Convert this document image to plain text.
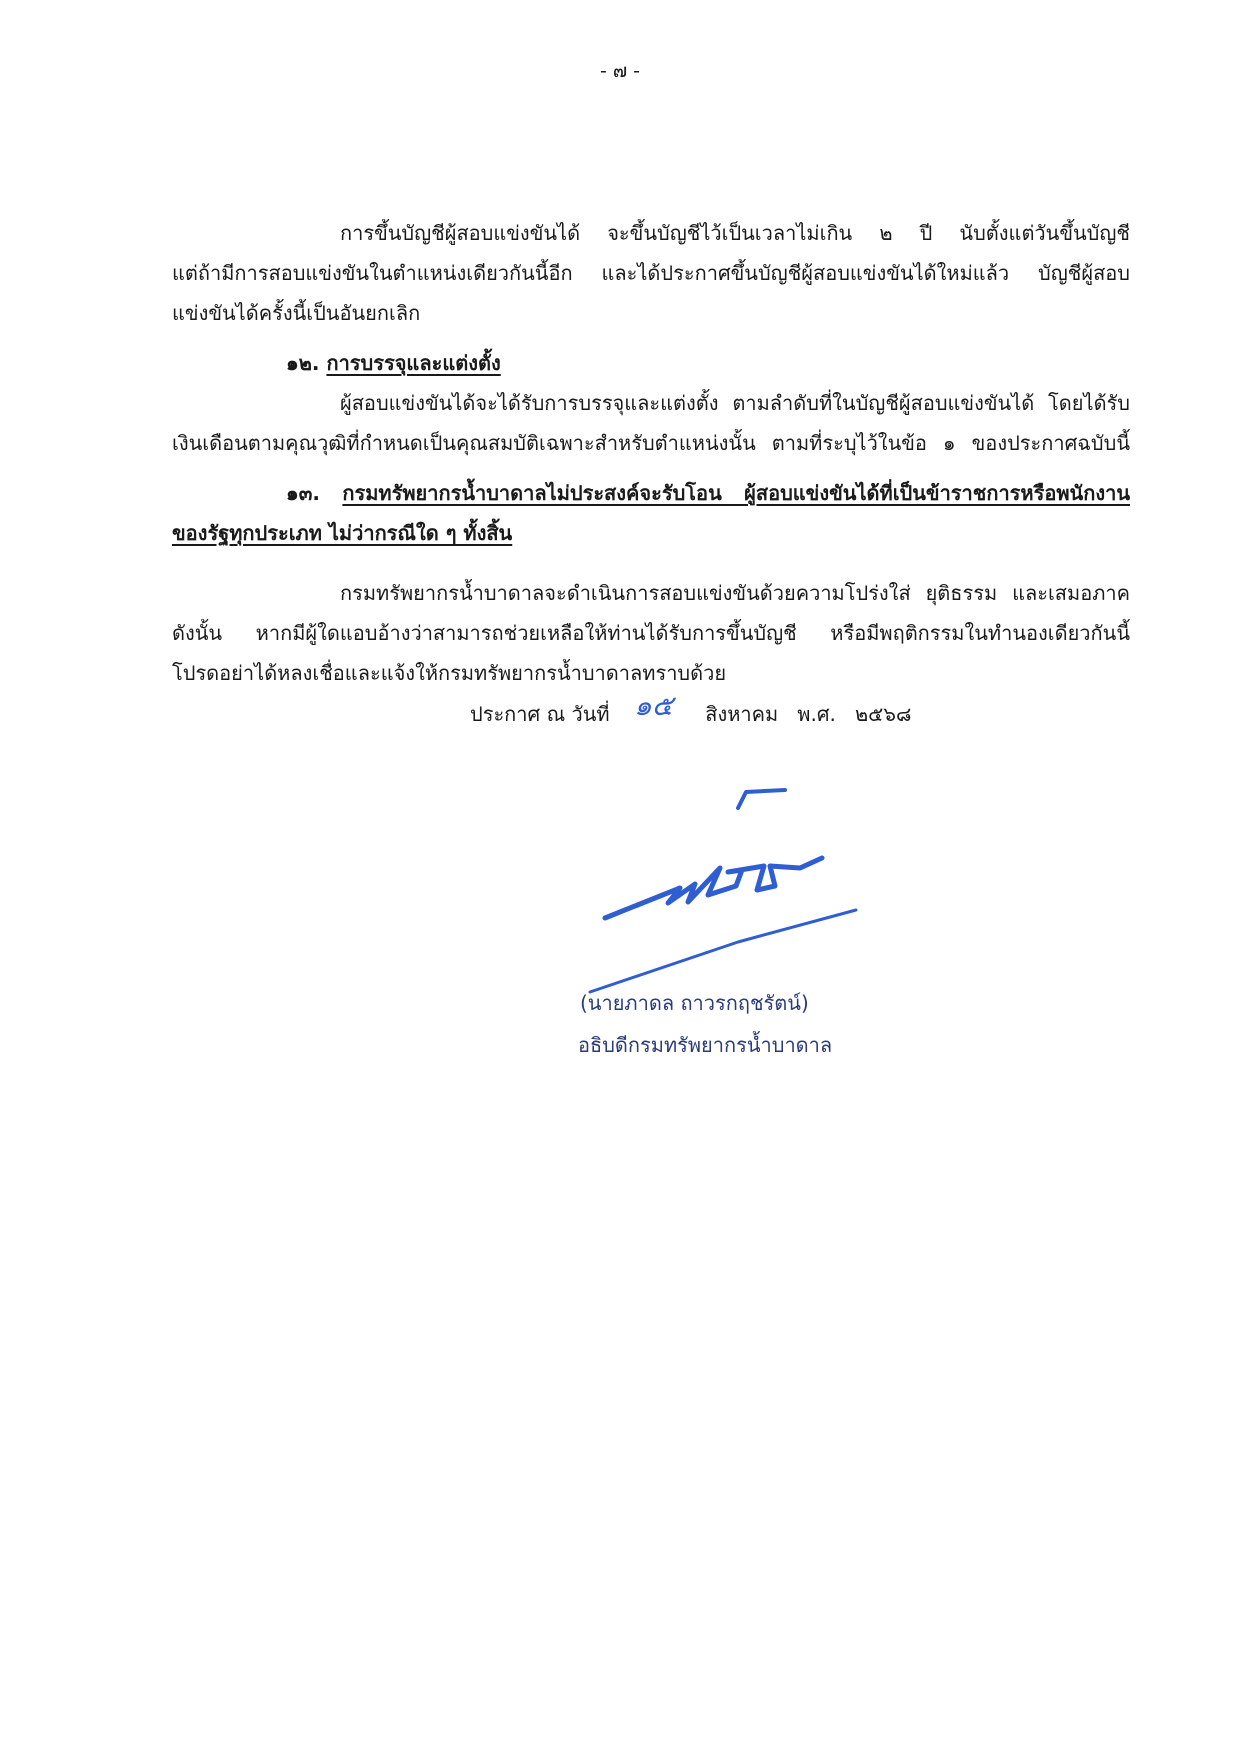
- ๗ -
การขึ้นบัญชีผู้สอบแข่งขันได้ จะขึ้นบัญชีไว้เป็นเวลาไม่เกิน ๒ ปี นับตั้งแต่วันขึ้นบัญชี
แต่ถ้ามีการสอบแข่งขันในตำแหน่งเดียวกันนี้อีก และได้ประกาศขึ้นบัญชีผู้สอบแข่งขันได้ใหม่แล้ว บัญชีผู้สอบ
แข่งขันได้ครั้งนี้เป็นอันยกเลิก
๑๒. การบรรจุและแต่งตั้ง
ผู้สอบแข่งขันได้จะได้รับการบรรจุและแต่งตั้ง ตามลำดับที่ในบัญชีผู้สอบแข่งขันได้ โดยได้รับ
เงินเดือนตามคุณวุฒิที่กำหนดเป็นคุณสมบัติเฉพาะสำหรับตำแหน่งนั้น ตามที่ระบุไว้ในข้อ ๑ ของประกาศฉบับนี้
๑๓. กรมทรัพยากรน้ำบาดาลไม่ประสงค์จะรับโอน ผู้สอบแข่งขันได้ที่เป็นข้าราชการหรือพนักงาน
ของรัฐทุกประเภท ไม่ว่ากรณีใด ๆ ทั้งสิ้น
กรมทรัพยากรน้ำบาดาลจะดำเนินการสอบแข่งขันด้วยความโปร่งใส่ ยุติธรรม และเสมอภาค
ดังนั้น หากมีผู้ใดแอบอ้างว่าสามารถช่วยเหลือให้ท่านได้รับการขึ้นบัญชี หรือมีพฤติกรรมในทำนองเดียวกันนี้
โปรดอย่าได้หลงเชื่อและแจ้งให้กรมทรัพยากรน้ำบาดาลทราบด้วย
ประกาศ ณ วันที่ ๑๕ สิงหาคม พ.ศ. ๒๕๖๘
(นายภาดล ถาวรกฤชรัตน์)
อธิบดีกรมทรัพยากรน้ำบาดาล
